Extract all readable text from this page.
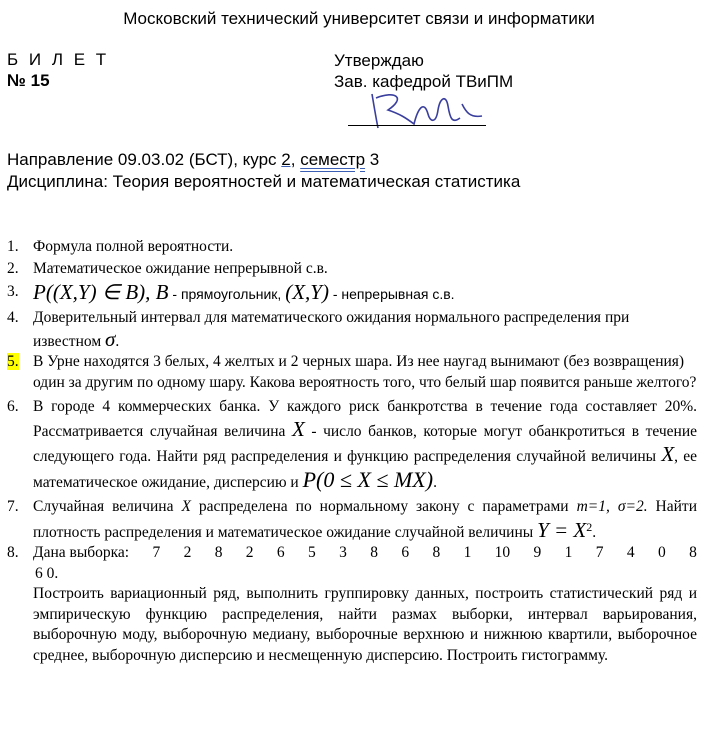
Московский технический университет связи и информатики
Б И Л Е Т
№ 15
Утверждаю
Зав. кафедрой ТВиПМ
Направление 09.03.02 (БСТ), курс 2, семестр 3
Дисциплина: Теория вероятностей и математическая статистика
1. Формула полной вероятности.
2. Математическое ожидание непрерывной с.в.
3. P((X,Y) ∈ B), B - прямоугольник, (X,Y) - непрерывная с.в.
4. Доверительный интервал для математического ожидания нормального распределения при известном σ.
5. В Урне находятся 3 белых, 4 желтых и 2 черных шара. Из нее наугад вынимают (без возвращения) один за другим по одному шару. Какова вероятность того, что белый шар появится раньше желтого?
6. В городе 4 коммерческих банка. У каждого риск банкротства в течение года составляет 20%. Рассматривается случайная величина X - число банков, которые могут обанкротиться в течение следующего года. Найти ряд распределения и функцию распределения случайной величины X, ее математическое ожидание, дисперсию и P(0 ≤ X ≤ MX).
7. Случайная величина X распределена по нормальному закону с параметрами m=1, σ=2. Найти плотность распределения и математическое ожидание случайной величины $Y = X^2$.
8. Дана выборка: 7 2 8 2 6 5 3 8 6 8 1 10 9 1 7 4 0 8
6 0.
Построить вариационный ряд, выполнить группировку данных, построить статистический ряд и эмпирическую функцию распределения, найти размах выборки, интервал варьирования, выборочную моду, выборочную медиану, выборочные верхнюю и нижнюю квартили, выборочное среднее, выборочную дисперсию и несмещенную дисперсию. Построить гистограмму.
